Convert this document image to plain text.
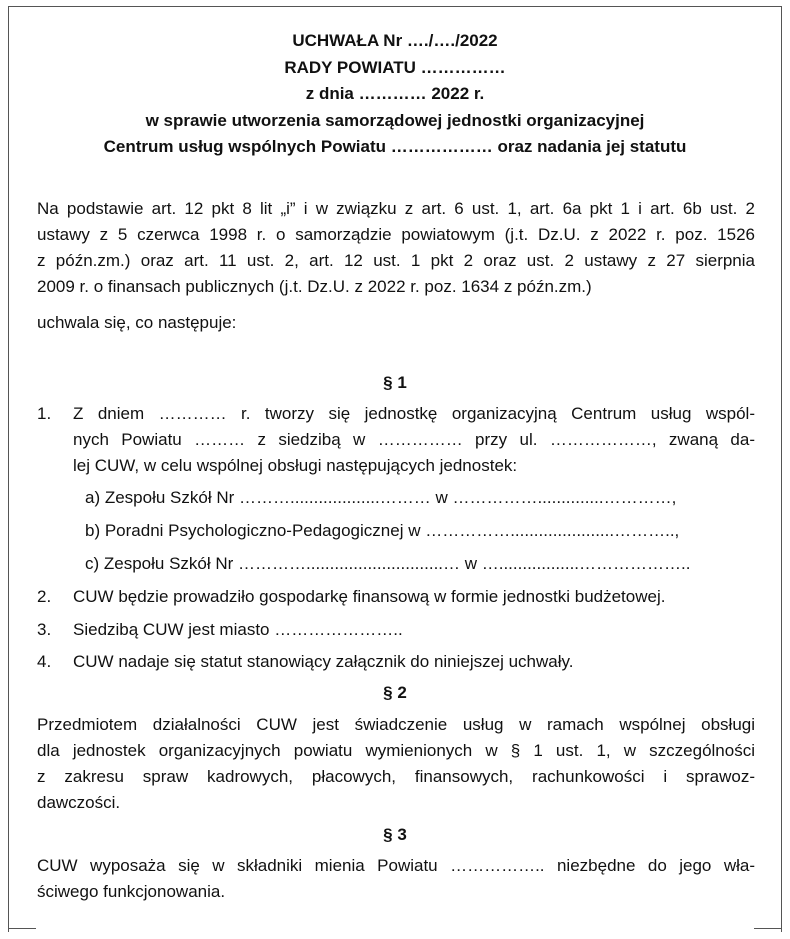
UCHWAŁA Nr …./…./2022
RADY POWIATU ……………
z dnia ………… 2022 r.
w sprawie utworzenia samorządowej jednostki organizacyjnej
Centrum usług wspólnych Powiatu ……………… oraz nadania jej statutu
Na podstawie art. 12 pkt 8 lit „i” i w związku z art. 6 ust. 1, art. 6a pkt 1 i art. 6b ust. 2
ustawy z 5 czerwca 1998 r. o samorządzie powiatowym (j.t. Dz.U. z 2022 r. poz. 1526
z późn.zm.) oraz art. 11 ust. 2, art. 12 ust. 1 pkt 2 oraz ust. 2 ustawy z 27 sierpnia
2009 r. o finansach publicznych (j.t. Dz.U. z 2022 r. poz. 1634 z późn.zm.)
uchwala się, co następuje:
§ 1
1. Z dniem ………… r. tworzy się jednostkę organizacyjną Centrum usług wspól-
nych Powiatu ……… z siedzibą w …………… przy ul. ………………, zwaną da-
lej CUW, w celu wspólnej obsługi następujących jednostek:
a) Zespołu Szkół Nr ………...................……… w ……………..............…………,
b) Poradni Psychologiczno-Pedagogicznej w ……………......................………..,
c) Zespołu Szkół Nr ………….............................… w ….................………………..
2. CUW będzie prowadziło gospodarkę finansową w formie jednostki budżetowej.
3. Siedzibą CUW jest miasto …………………..
4. CUW nadaje się statut stanowiący załącznik do niniejszej uchwały.
§ 2
Przedmiotem działalności CUW jest świadczenie usług w ramach wspólnej obsługi
dla jednostek organizacyjnych powiatu wymienionych w § 1 ust. 1, w szczególności
z zakresu spraw kadrowych, płacowych, finansowych, rachunkowości i sprawoz-
dawczości.
§ 3
CUW wyposaża się w składniki mienia Powiatu …………….. niezbędne do jego wła-
ściwego funkcjonowania.
